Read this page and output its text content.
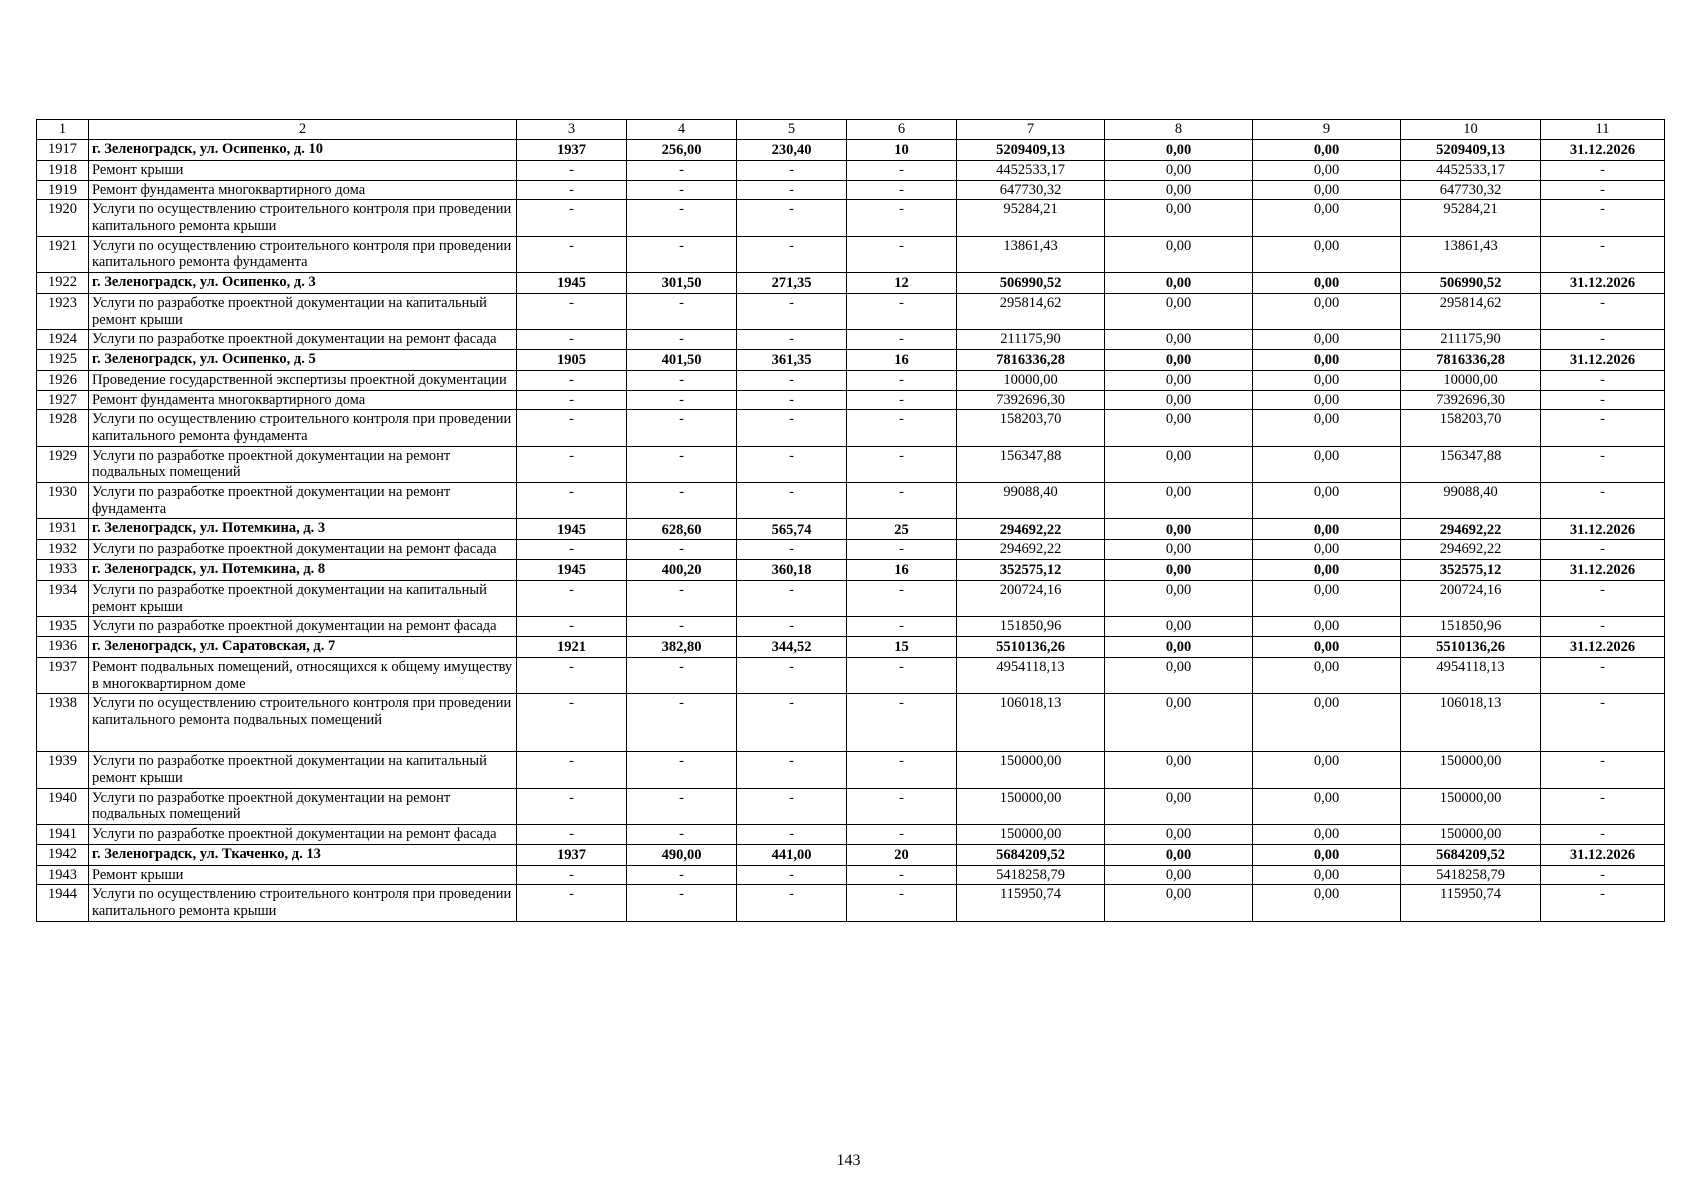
1	2	3	4	5	6	7	8	9	10	11
1917	г. Зеленоградск, ул. Осипенко, д. 10	1937	256,00	230,40	10	5209409,13	0,00	0,00	5209409,13	31.12.2026
1918	Ремонт крыши	-	-	-	-	4452533,17	0,00	0,00	4452533,17	-
1919	Ремонт фундамента многоквартирного дома	-	-	-	-	647730,32	0,00	0,00	647730,32	-
1920	Услуги по осуществлению строительного контроля при проведении капитального ремонта крыши	-	-	-	-	95284,21	0,00	0,00	95284,21	-
1921	Услуги по осуществлению строительного контроля при проведении капитального ремонта фундамента	-	-	-	-	13861,43	0,00	0,00	13861,43	-
1922	г. Зеленоградск, ул. Осипенко, д. 3	1945	301,50	271,35	12	506990,52	0,00	0,00	506990,52	31.12.2026
1923	Услуги по разработке проектной документации на капитальный ремонт крыши	-	-	-	-	295814,62	0,00	0,00	295814,62	-
1924	Услуги по разработке проектной документации на ремонт фасада	-	-	-	-	211175,90	0,00	0,00	211175,90	-
1925	г. Зеленоградск, ул. Осипенко, д. 5	1905	401,50	361,35	16	7816336,28	0,00	0,00	7816336,28	31.12.2026
1926	Проведение государственной экспертизы проектной документации	-	-	-	-	10000,00	0,00	0,00	10000,00	-
1927	Ремонт фундамента многоквартирного дома	-	-	-	-	7392696,30	0,00	0,00	7392696,30	-
1928	Услуги по осуществлению строительного контроля при проведении капитального ремонта фундамента	-	-	-	-	158203,70	0,00	0,00	158203,70	-
1929	Услуги по разработке проектной документации на ремонт подвальных помещений	-	-	-	-	156347,88	0,00	0,00	156347,88	-
1930	Услуги по разработке проектной документации на ремонт фундамента	-	-	-	-	99088,40	0,00	0,00	99088,40	-
1931	г. Зеленоградск, ул. Потемкина, д. 3	1945	628,60	565,74	25	294692,22	0,00	0,00	294692,22	31.12.2026
1932	Услуги по разработке проектной документации на ремонт фасада	-	-	-	-	294692,22	0,00	0,00	294692,22	-
1933	г. Зеленоградск, ул. Потемкина, д. 8	1945	400,20	360,18	16	352575,12	0,00	0,00	352575,12	31.12.2026
1934	Услуги по разработке проектной документации на капитальный ремонт крыши	-	-	-	-	200724,16	0,00	0,00	200724,16	-
1935	Услуги по разработке проектной документации на ремонт фасада	-	-	-	-	151850,96	0,00	0,00	151850,96	-
1936	г. Зеленоградск, ул. Саратовская, д. 7	1921	382,80	344,52	15	5510136,26	0,00	0,00	5510136,26	31.12.2026
1937	Ремонт подвальных помещений, относящихся к общему имуществу в многоквартирном доме	-	-	-	-	4954118,13	0,00	0,00	4954118,13	-
1938	Услуги по осуществлению строительного контроля при проведении капитального ремонта подвальных помещений	-	-	-	-	106018,13	0,00	0,00	106018,13	-
1939	Услуги по разработке проектной документации на капитальный ремонт крыши	-	-	-	-	150000,00	0,00	0,00	150000,00	-
1940	Услуги по разработке проектной документации на ремонт подвальных помещений	-	-	-	-	150000,00	0,00	0,00	150000,00	-
1941	Услуги по разработке проектной документации на ремонт фасада	-	-	-	-	150000,00	0,00	0,00	150000,00	-
1942	г. Зеленоградск, ул. Ткаченко, д. 13	1937	490,00	441,00	20	5684209,52	0,00	0,00	5684209,52	31.12.2026
1943	Ремонт крыши	-	-	-	-	5418258,79	0,00	0,00	5418258,79	-
1944	Услуги по осуществлению строительного контроля при проведении капитального ремонта крыши	-	-	-	-	115950,74	0,00	0,00	115950,74	-
143
